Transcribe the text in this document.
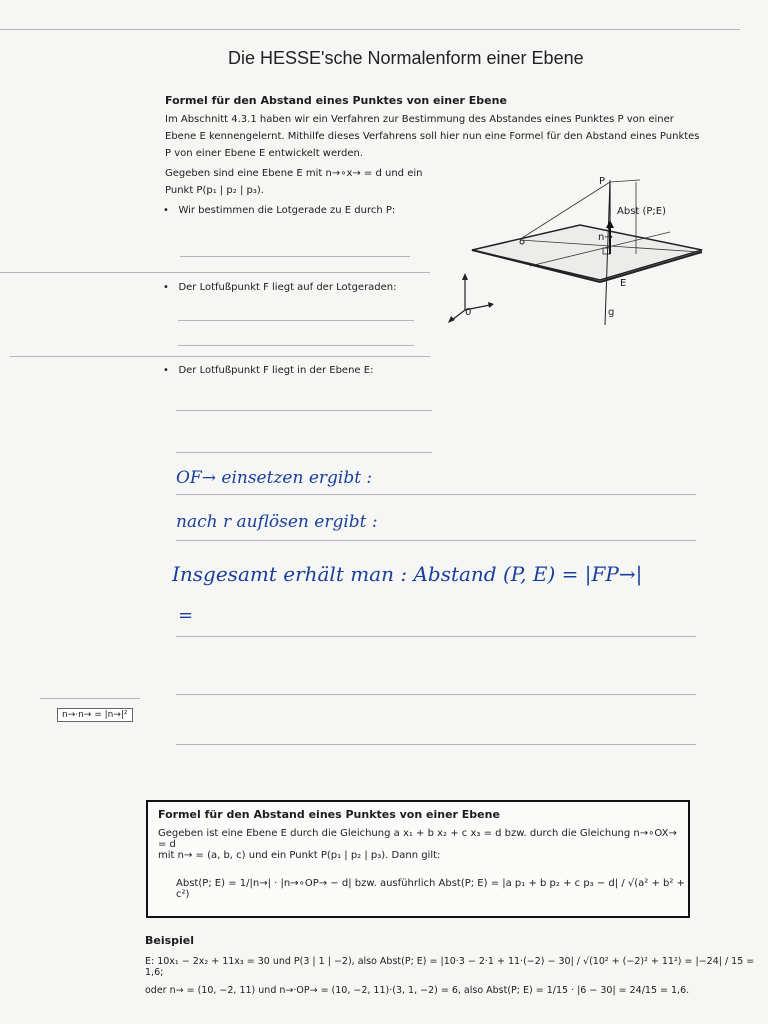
Die HESSE'sche Normalenform einer Ebene
Formel für den Abstand eines Punktes von einer Ebene
Im Abschnitt 4.3.1 haben wir ein Verfahren zur Bestimmung des Abstandes eines Punktes P von einer
Ebene E kennengelernt. Mithilfe dieses Verfahrens soll hier nun eine Formel für den Abstand eines Punktes
P von einer Ebene E entwickelt werden.
Gegeben sind eine Ebene E mit n→∘x→ = d und ein
Punkt P(p₁ | p₂ | p₃).
•   Wir bestimmen die Lotgerade zu E durch P:
•   Der Lotfußpunkt F liegt auf der Lotgeraden:
•   Der Lotfußpunkt F liegt in der Ebene E:
P
Abst (P;E)
n→
E
g
0
OF→ einsetzen ergibt :
nach r auflösen ergibt :
Insgesamt erhält man : Abstand (P, E) = |FP→|
=
n→·n→ = |n→|²
Formel für den Abstand eines Punktes von einer Ebene
Gegeben ist eine Ebene E durch die Gleichung a x₁ + b x₂ + c x₃ = d bzw. durch die Gleichung n→∘OX→ = d
mit n→ = (a, b, c) und ein Punkt P(p₁ | p₂ | p₃). Dann gilt:
Abst(P; E) = 1/|n→| · |n→∘OP→ − d| bzw. ausführlich Abst(P; E) = |a p₁ + b p₂ + c p₃ − d| / √(a² + b² + c²)
Beispiel
E: 10x₁ − 2x₂ + 11x₃ = 30 und P(3 | 1 | −2), also Abst(P; E) = |10·3 − 2·1 + 11·(−2) − 30| / √(10² + (−2)² + 11²) = |−24| / 15 = 1,6;
oder n→ = (10, −2, 11) und n→·OP→ = (10, −2, 11)·(3, 1, −2) = 6, also Abst(P; E) = 1/15 · |6 − 30| = 24/15 = 1,6.
